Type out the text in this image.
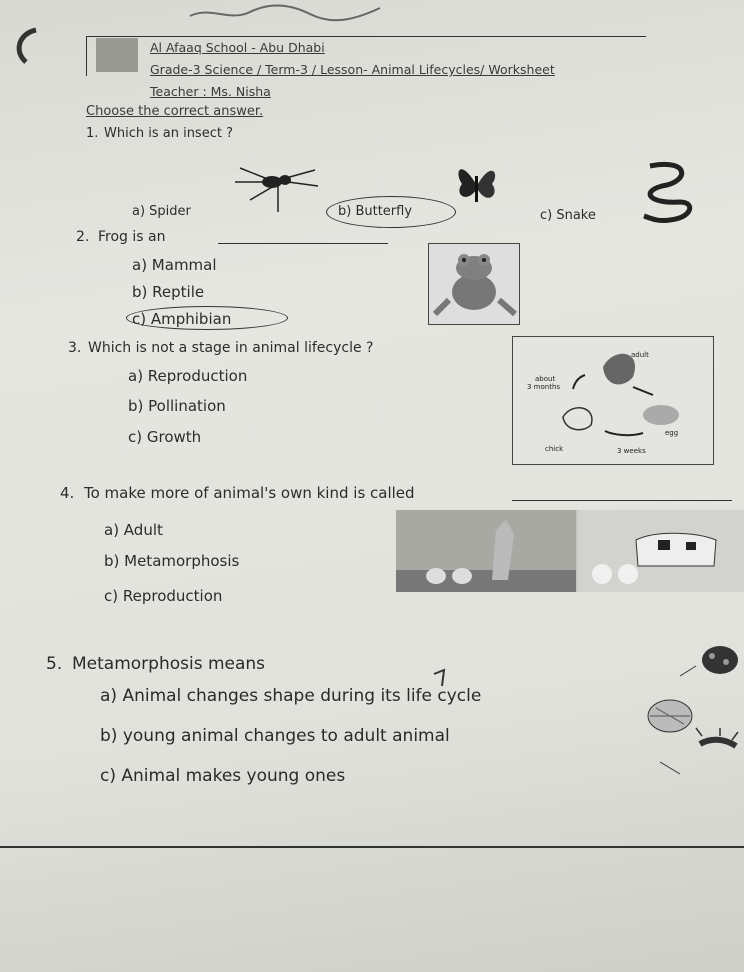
Al Afaaq School - Abu Dhabi
Grade-3 Science / Term-3 / Lesson- Animal Lifecycles/ Worksheet
Teacher : Ms. Nisha
Choose the correct answer.
1. Which is an insect ?
a) Spider	b) Butterfly	c) Snake
2. Frog is an
a) Mammal
b) Reptile
c) Amphibian
3. Which is not a stage in animal lifecycle ?
a) Reproduction
b) Pollination
c) Growth
adult
about
3 months
egg
chick	3 weeks
4. To make more of animal's own kind is called
a) Adult
b) Metamorphosis
c) Reproduction
5. Metamorphosis means
a) Animal changes shape during its life cycle
b) young animal changes to adult animal
c) Animal makes young ones
